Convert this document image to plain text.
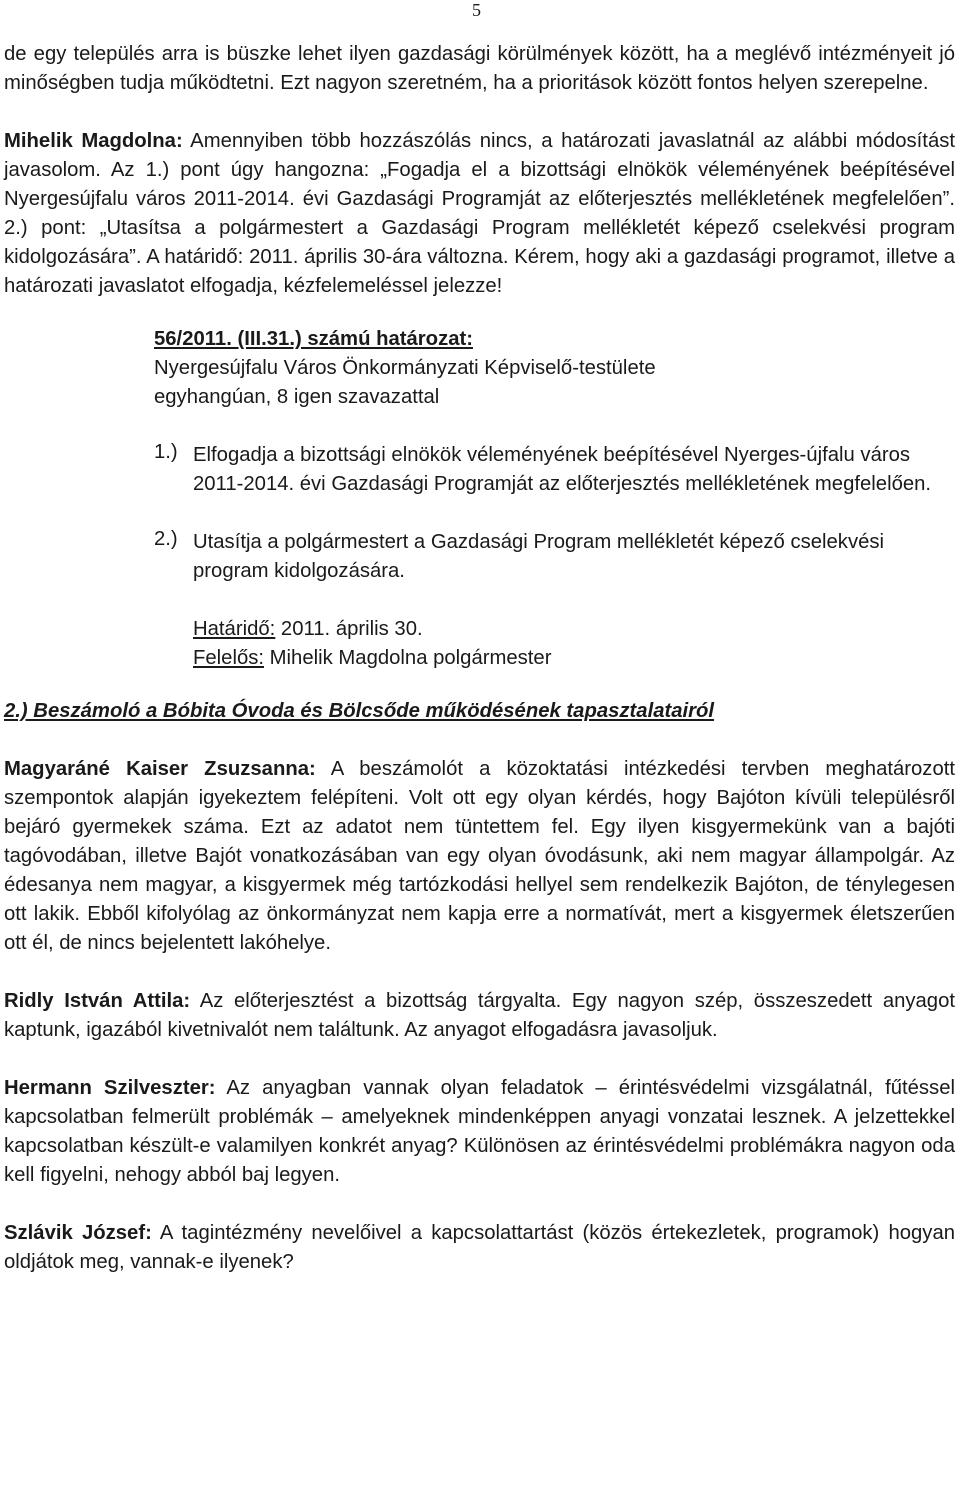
5

de egy település arra is büszke lehet ilyen gazdasági körülmények között, ha a meglévő intézményeit jó minőségben tudja működtetni. Ezt nagyon szeretném, ha a prioritások között fontos helyen szerepelne.

Mihelik Magdolna: Amennyiben több hozzászólás nincs, a határozati javaslatnál az alábbi módosítást javasolom. Az 1.) pont úgy hangozna: „Fogadja el a bizottsági elnökök véleményének beépítésével Nyergesújfalu város 2011-2014. évi Gazdasági Programját az előterjesztés mellékletének megfelelően”. 2.) pont: „Utasítsa a polgármestert a Gazdasági Program mellékletét képező cselekvési program kidolgozására”. A határidő: 2011. április 30-ára változna. Kérem, hogy aki a gazdasági programot, illetve a határozati javaslatot elfogadja, kézfelemeléssel jelezze!

56/2011. (III.31.) számú határozat:

Nyergesújfalu Város Önkormányzati Képviselő-testülete

egyhangúan, 8 igen szavazattal

1.) Elfogadja a bizottsági elnökök véleményének beépítésével Nyerges-újfalu város 2011-2014. évi Gazdasági Programját az előterjesztés mellékletének megfelelően.

2.) Utasítja a polgármestert a Gazdasági Program mellékletét képező cselekvési program kidolgozására.

Határidő: 2011. április 30.

Felelős: Mihelik Magdolna polgármester

2.) Beszámoló a Bóbita Óvoda és Bölcsőde működésének tapasztalatairól

Magyaráné Kaiser Zsuzsanna: A beszámolót a közoktatási intézkedési tervben meghatározott szempontok alapján igyekeztem felépíteni. Volt ott egy olyan kérdés, hogy Bajóton kívüli településről bejáró gyermekek száma. Ezt az adatot nem tüntettem fel. Egy ilyen kisgyermekünk van a bajóti tagóvodában, illetve Bajót vonatkozásában van egy olyan óvodásunk, aki nem magyar állampolgár. Az édesanya nem magyar, a kisgyermek még tartózkodási hellyel sem rendelkezik Bajóton, de ténylegesen ott lakik. Ebből kifolyólag az önkormányzat nem kapja erre a normatívát, mert a kisgyermek életszerűen ott él, de nincs bejelentett lakóhelye.

Ridly István Attila: Az előterjesztést a bizottság tárgyalta. Egy nagyon szép, összeszedett anyagot kaptunk, igazából kivetnivalót nem találtunk. Az anyagot elfogadásra javasoljuk.

Hermann Szilveszter: Az anyagban vannak olyan feladatok – érintésvédelmi vizsgálatnál, fűtéssel kapcsolatban felmerült problémák – amelyeknek mindenképpen anyagi vonzatai lesznek. A jelzettekkel kapcsolatban készült-e valamilyen konkrét anyag? Különösen az érintésvédelmi problémákra nagyon oda kell figyelni, nehogy abból baj legyen.

Szlávik József: A tagintézmény nevelőivel a kapcsolattartást (közös értekezletek, programok) hogyan oldjátok meg, vannak-e ilyenek?
